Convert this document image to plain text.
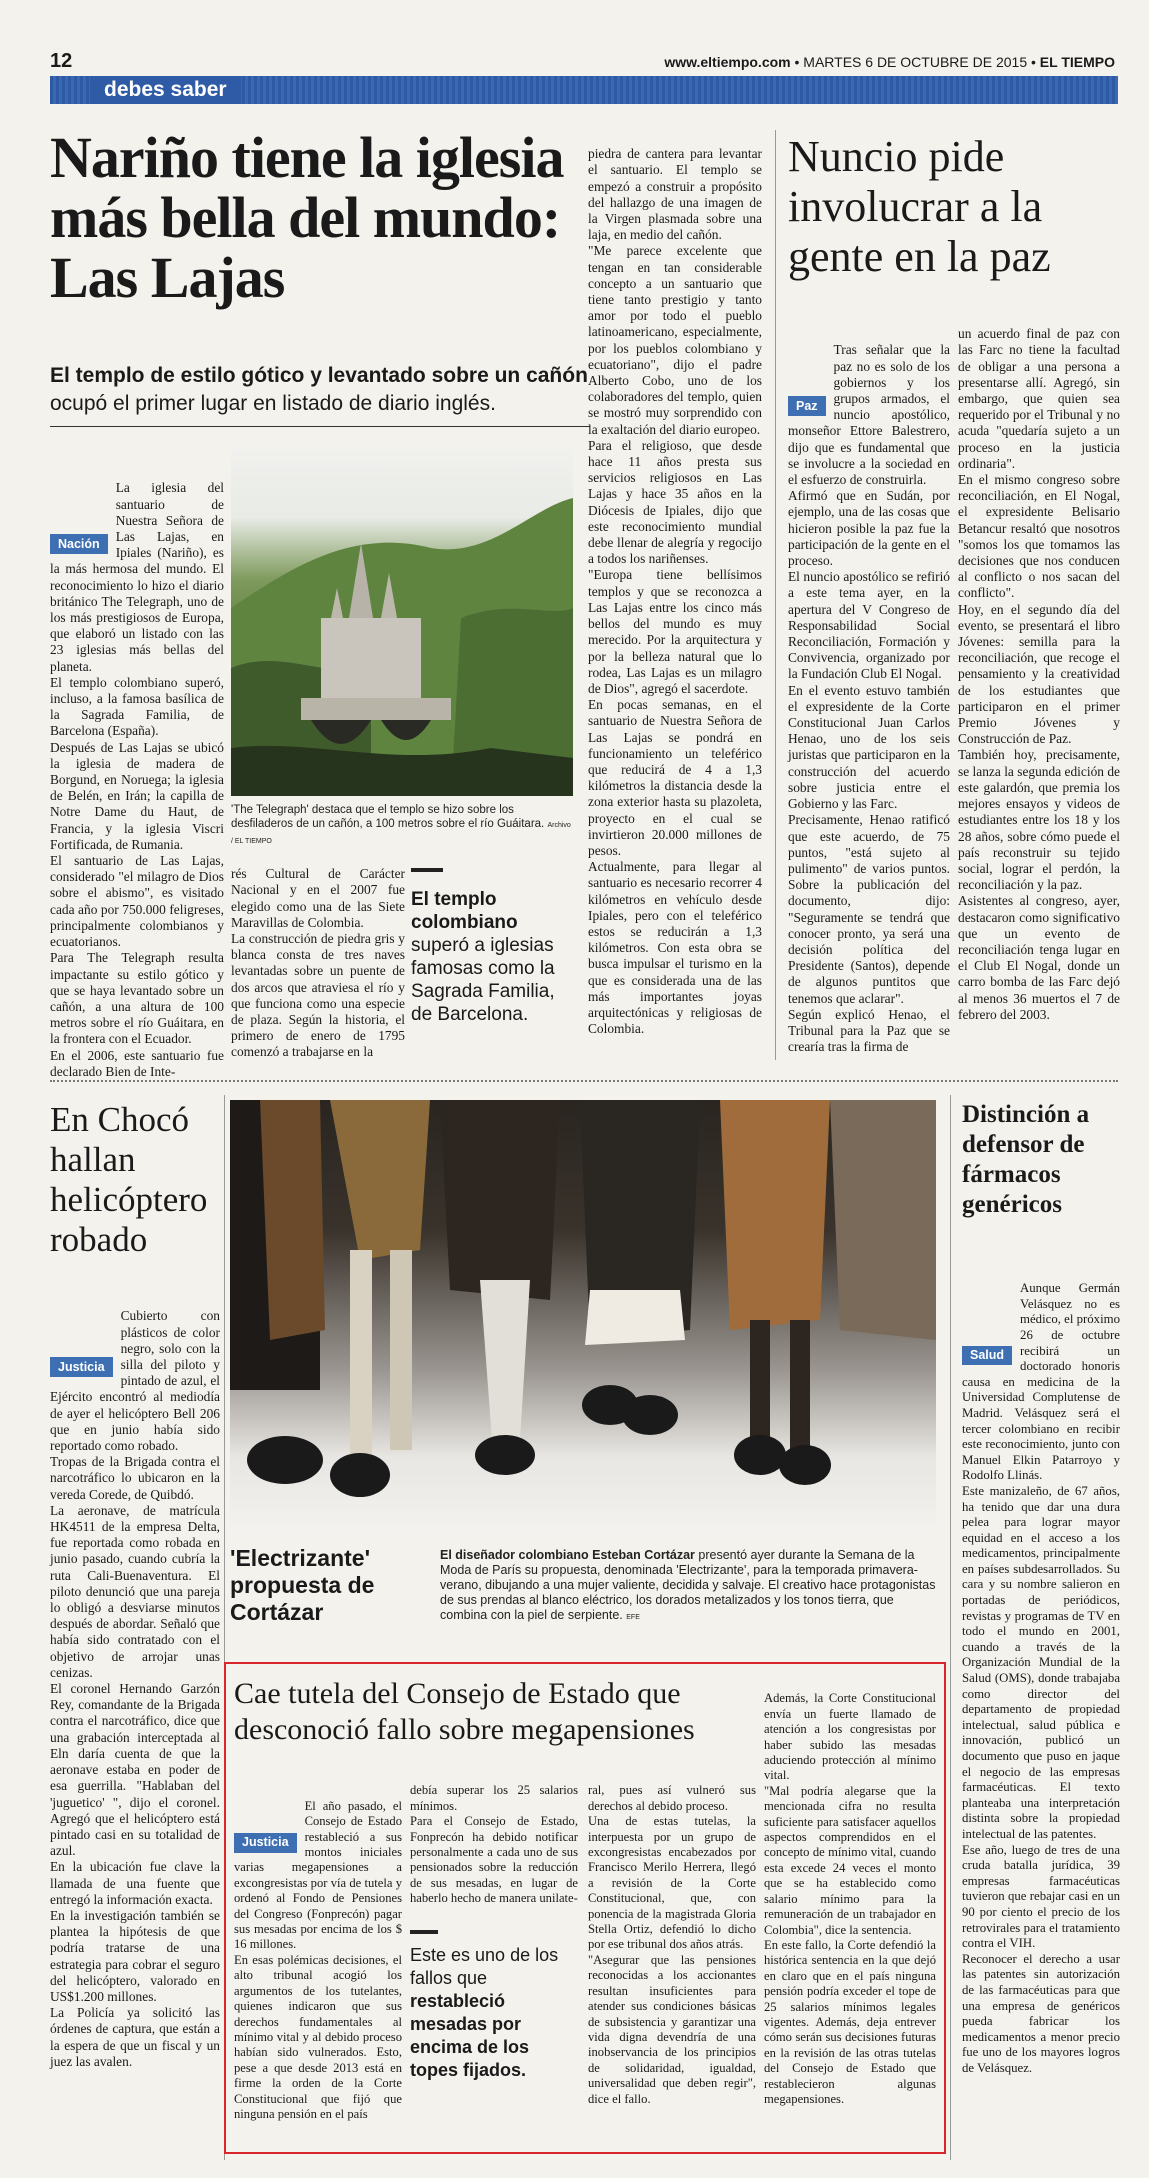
12	www.eltiempo.com • MARTES 6 DE OCTUBRE DE 2015 • EL TIEMPO
debes saber
Nariño tiene la iglesia más bella del mundo: Las Lajas
El templo de estilo gótico y levantado sobre un cañón ocupó el primer lugar en listado de diario inglés.

Nación

La iglesia del santuario de Nuestra Señora de Las Lajas, en Ipiales (Nariño), es la más hermosa del mundo. El reconocimiento lo hizo el diario británico The Telegraph, uno de los más prestigiosos de Europa, que elaboró un listado con las 23 iglesias más bellas del planeta.
El templo colombiano superó, incluso, a la famosa basílica de la Sagrada Familia, de Barcelona (España).
Después de Las Lajas se ubicó la iglesia de madera de Borgund, en Noruega; la iglesia de Belén, en Irán; la capilla de Notre Dame du Haut, de Francia, y la iglesia Viscri Fortificada, de Rumania.
El santuario de Las Lajas, considerado "el milagro de Dios sobre el abismo", es visitado cada año por 750.000 feligreses, principalmente colombianos y ecuatorianos.
Para The Telegraph resulta impactante su estilo gótico y que se haya levantado sobre un cañón, a una altura de 100 metros sobre el río Guáitara, en la frontera con el Ecuador.
En el 2006, este santuario fue declarado Bien de Inte-

'The Telegraph' destaca que el templo se hizo sobre los desfiladeros de un cañón, a 100 metros sobre el río Guáitara. Archivo / EL TIEMPO

rés Cultural de Carácter Nacional y en el 2007 fue elegido como una de las Siete Maravillas de Colombia.
La construcción de piedra gris y blanca consta de tres naves levantadas sobre un puente de dos arcos que atraviesa el río y que funciona como una especie de plaza. Según la historia, el primero de enero de 1795 comenzó a trabajarse en la

El templo colombiano
superó a iglesias famosas como la Sagrada Familia, de Barcelona.

piedra de cantera para levantar el santuario. El templo se empezó a construir a propósito del hallazgo de una imagen de la Virgen plasmada sobre una laja, en medio del cañón.
"Me parece excelente que tengan en tan considerable concepto a un santuario que tiene tanto prestigio y tanto amor por todo el pueblo latinoamericano, especialmente, por los pueblos colombiano y ecuatoriano", dijo el padre Alberto Cobo, uno de los colaboradores del templo, quien se mostró muy sorprendido con la exaltación del diario europeo.
Para el religioso, que desde hace 11 años presta sus servicios religiosos en Las Lajas y hace 35 años en la Diócesis de Ipiales, dijo que este reconocimiento mundial debe llenar de alegría y regocijo a todos los nariñenses.
"Europa tiene bellísimos templos y que se reconozca a Las Lajas entre los cinco más bellos del mundo es muy merecido. Por la arquitectura y por la belleza natural que lo rodea, Las Lajas es un milagro de Dios", agregó el sacerdote.
En pocas semanas, en el santuario de Nuestra Señora de Las Lajas se pondrá en funcionamiento un teleférico que reducirá de 4 a 1,3 kilómetros la distancia desde la zona exterior hasta su plazoleta, proyecto en el cual se invirtieron 20.000 millones de pesos.
Actualmente, para llegar al santuario es necesario recorrer 4 kilómetros en vehículo desde Ipiales, pero con el teleférico estos se reducirán a 1,3 kilómetros. Con esta obra se busca impulsar el turismo en la que es considerada una de las más importantes joyas arquitectónicas y religiosas de Colombia.

Nuncio pide involucrar a la gente en la paz

Paz

Tras señalar que la paz no es solo de los gobiernos y los grupos armados, el nuncio apostólico, monseñor Ettore Balestrero, dijo que es fundamental que se involucre a la sociedad en el esfuerzo de construirla.
Afirmó que en Sudán, por ejemplo, una de las cosas que hicieron posible la paz fue la participación de la gente en el proceso.
El nuncio apostólico se refirió a este tema ayer, en la apertura del V Congreso de Responsabilidad Social Reconciliación, Formación y Convivencia, organizado por la Fundación Club El Nogal.
En el evento estuvo también el expresidente de la Corte Constitucional Juan Carlos Henao, uno de los seis juristas que participaron en la construcción del acuerdo sobre justicia entre el Gobierno y las Farc.
Precisamente, Henao ratificó que este acuerdo, de 75 puntos, "está sujeto al pulimento" de varios puntos. Sobre la publicación del documento, dijo: "Seguramente se tendrá que conocer pronto, ya será una decisión política del Presidente (Santos), depende de algunos puntitos que tenemos que aclarar".
Según explicó Henao, el Tribunal para la Paz que se crearía tras la firma de

un acuerdo final de paz con las Farc no tiene la facultad de obligar a una persona a presentarse allí. Agregó, sin embargo, que quien sea requerido por el Tribunal y no acuda "quedaría sujeto a un proceso en la justicia ordinaria".
En el mismo congreso sobre reconciliación, en El Nogal, el expresidente Belisario Betancur resaltó que nosotros "somos los que tomamos las decisiones que nos conducen al conflicto o nos sacan del conflicto".
Hoy, en el segundo día del evento, se presentará el libro Jóvenes: semilla para la reconciliación, que recoge el pensamiento y la creatividad de los estudiantes que participaron en el primer Premio Jóvenes y Construcción de Paz.
También hoy, precisamente, se lanza la segunda edición de este galardón, que premia los mejores ensayos y videos de estudiantes entre los 18 y los 28 años, sobre cómo puede el país reconstruir su tejido social, lograr el perdón, la reconciliación y la paz.
Asistentes al congreso, ayer, destacaron como significativo que un evento de reconciliación tenga lugar en el Club El Nogal, donde un carro bomba de las Farc dejó al menos 36 muertos el 7 de febrero del 2003.

En Chocó hallan helicóptero robado

Justicia

Cubierto con plásticos de color negro, solo con la silla del piloto y pintado de azul, el Ejército encontró al mediodía de ayer el helicóptero Bell 206 que en junio había sido reportado como robado.
Tropas de la Brigada contra el narcotráfico lo ubicaron en la vereda Corede, de Quibdó.
La aeronave, de matrícula HK4511 de la empresa Delta, fue reportada como robada en junio pasado, cuando cubría la ruta Cali-Buenaventura. El piloto denunció que una pareja lo obligó a desviarse minutos después de abordar. Señaló que había sido contratado con el objetivo de arrojar unas cenizas.
El coronel Hernando Garzón Rey, comandante de la Brigada contra el narcotráfico, dice que una grabación interceptada al Eln daría cuenta de que la aeronave estaba en poder de esa guerrilla. "Hablaban del 'juguetico' ", dijo el coronel. Agregó que el helicóptero está pintado casi en su totalidad de azul.
En la ubicación fue clave la llamada de una fuente que entregó la información exacta.
En la investigación también se plantea la hipótesis de que podría tratarse de una estrategia para cobrar el seguro del helicóptero, valorado en US$1.200 millones.
La Policía ya solicitó las órdenes de captura, que están a la espera de que un fiscal y un juez las avalen.

'Electrizante' propuesta de Cortázar
El diseñador colombiano Esteban Cortázar presentó ayer durante la Semana de la Moda de París su propuesta, denominada 'Electrizante', para la temporada primavera-verano, dibujando a una mujer valiente, decidida y salvaje. El creativo hace protagonistas de sus prendas al blanco eléctrico, los dorados metalizados y los tonos tierra, que combina con la piel de serpiente. EFE
Cae tutela del Consejo de Estado que desconoció fallo sobre megapensiones

Justicia

El año pasado, el Consejo de Estado restableció a sus montos iniciales varias megapensiones a excongresistas por vía de tutela y ordenó al Fondo de Pensiones del Congreso (Fonprecón) pagar sus mesadas por encima de los $ 16 millones.
En esas polémicas decisiones, el alto tribunal acogió los argumentos de los tutelantes, quienes indicaron que sus derechos fundamentales al mínimo vital y al debido proceso habían sido vulnerados. Esto, pese a que desde 2013 está en firme la orden de la Corte Constitucional que fijó que ninguna pensión en el país

debía superar los 25 salarios mínimos.
Para el Consejo de Estado, Fonprecón ha debido notificar personalmente a cada uno de sus pensionados sobre la reducción de sus mesadas, en lugar de haberlo hecho de manera unilate-

Este es uno de los fallos que restableció mesadas por encima de los topes fijados.

ral, pues así vulneró sus derechos al debido proceso.
Una de estas tutelas, la interpuesta por un grupo de excongresistas encabezados por Francisco Merilo Herrera, llegó a revisión de la Corte Constitucional, que, con ponencia de la magistrada Gloria Stella Ortiz, defendió lo dicho por ese tribunal dos años atrás.
"Asegurar que las pensiones reconocidas a los accionantes resultan insuficientes para atender sus condiciones básicas de subsistencia y garantizar una vida digna devendría de una inobservancia de los principios de solidaridad, igualdad, universalidad que deben regir", dice el fallo.

Además, la Corte Constitucional envía un fuerte llamado de atención a los congresistas por haber subido las mesadas aduciendo protección al mínimo vital.
"Mal podría alegarse que la mencionada cifra no resulta suficiente para satisfacer aquellos aspectos comprendidos en el concepto de mínimo vital, cuando esta excede 24 veces el monto que se ha establecido como salario mínimo para la remuneración de un trabajador en Colombia", dice la sentencia.
En este fallo, la Corte defendió la histórica sentencia en la que dejó en claro que en el país ninguna pensión podría exceder el tope de 25 salarios mínimos legales vigentes. Además, deja entrever cómo serán sus decisiones futuras en la revisión de las otras tutelas del Consejo de Estado que restablecieron algunas megapensiones.

Distinción a defensor de fármacos genéricos

Salud

Aunque Germán Velásquez no es médico, el próximo 26 de octubre recibirá un doctorado honoris causa en medicina de la Universidad Complutense de Madrid. Velásquez será el tercer colombiano en recibir este reconocimiento, junto con Manuel Elkin Patarroyo y Rodolfo Llinás.
Este manizaleño, de 67 años, ha tenido que dar una dura pelea para lograr mayor equidad en el acceso a los medicamentos, principalmente en países subdesarrollados. Su cara y su nombre salieron en portadas de periódicos, revistas y programas de TV en todo el mundo en 2001, cuando a través de la Organización Mundial de la Salud (OMS), donde trabajaba como director del departamento de propiedad intelectual, salud pública e innovación, publicó un documento que puso en jaque el negocio de las empresas farmacéuticas. El texto planteaba una interpretación distinta sobre la propiedad intelectual de las patentes.
Ese año, luego de tres de una cruda batalla jurídica, 39 empresas farmacéuticas tuvieron que rebajar casi en un 90 por ciento el precio de los retrovirales para el tratamiento contra el VIH.
Reconocer el derecho a usar las patentes sin autorización de las farmacéuticas para que una empresa de genéricos pueda fabricar los medicamentos a menor precio fue uno de los mayores logros de Velásquez.
